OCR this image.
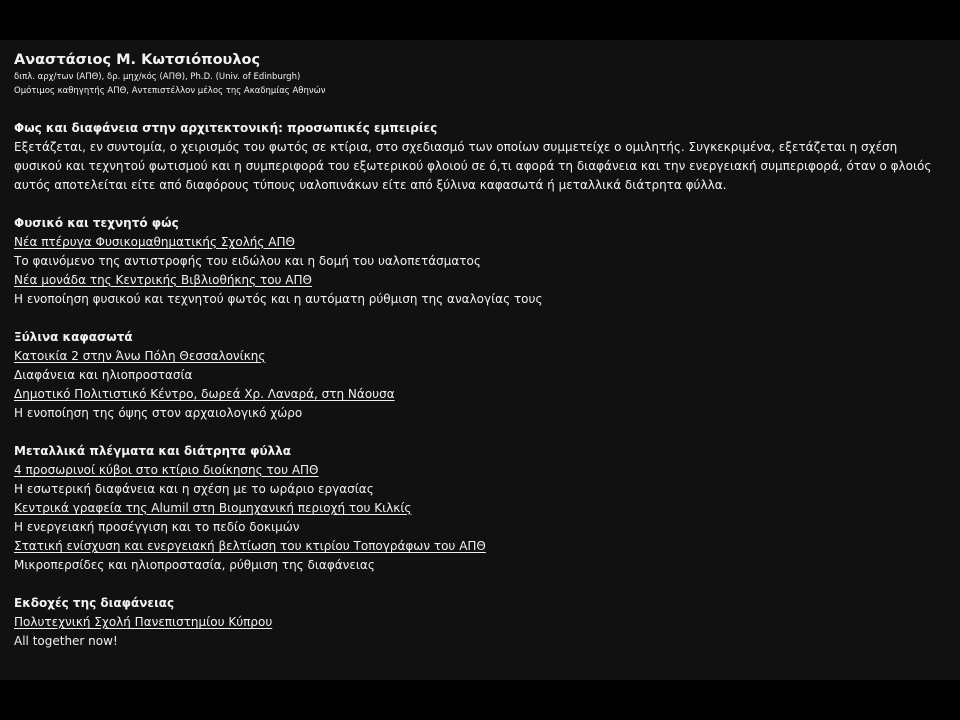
Αναστάσιος Μ. Κωτσιόπουλος

διπλ. αρχ/των (ΑΠΘ), δρ. μηχ/κός (ΑΠΘ), Ph.D. (Univ. of Edinburgh)

Ομότιμος καθηγητής ΑΠΘ, Αντεπιστέλλον μέλος της Ακαδημίας Αθηνών

Φως και διαφάνεια στην αρχιτεκτονική: προσωπικές εμπειρίες

Εξετάζεται, εν συντομία, ο χειρισμός του φωτός σε κτίρια, στο σχεδιασμό των οποίων συμμετείχε ο ομιλητής. Συγκεκριμένα, εξετάζεται η σχέση φυσικού και τεχνητού φωτισμού και η συμπεριφορά του εξωτερικού φλοιού σε ό,τι αφορά τη διαφάνεια και την ενεργειακή συμπεριφορά, όταν ο φλοιός αυτός αποτελείται είτε από διαφόρους τύπους υαλοπινάκων είτε από ξύλινα καφασωτά ή μεταλλικά διάτρητα φύλλα.

Φυσικό και τεχνητό φώς

Νέα πτέρυγα Φυσικομαθηματικής Σχολής ΑΠΘ

Το φαινόμενο της αντιστροφής του ειδώλου και η δομή του υαλοπετάσματος

Νέα μονάδα της Κεντρικής Βιβλιοθήκης του ΑΠΘ

Η ενοποίηση φυσικού και τεχνητού φωτός και η αυτόματη ρύθμιση της αναλογίας τους

Ξύλινα καφασωτά

Κατοικία 2 στην Άνω Πόλη Θεσσαλονίκης

Διαφάνεια και ηλιοπροστασία

Δημοτικό Πολιτιστικό Κέντρο, δωρεά Χρ. Λαναρά, στη Νάουσα

Η ενοποίηση της όψης στον αρχαιολογικό χώρο

Μεταλλικά πλέγματα και διάτρητα φύλλα

4 προσωρινοί κύβοι στο κτίριο διοίκησης του ΑΠΘ

Η εσωτερική διαφάνεια και η σχέση με το ωράριο εργασίας

Κεντρικά γραφεία της Alumil στη Βιομηχανική περιοχή του Κιλκίς

Η ενεργειακή προσέγγιση και το πεδίο δοκιμών

Στατική ενίσχυση και ενεργειακή βελτίωση του κτιρίου Τοπογράφων του ΑΠΘ

Μικροπερσίδες και ηλιοπροστασία, ρύθμιση της διαφάνειας

Εκδοχές της διαφάνειας

Πολυτεχνική Σχολή Πανεπιστημίου Κύπρου

All together now!
